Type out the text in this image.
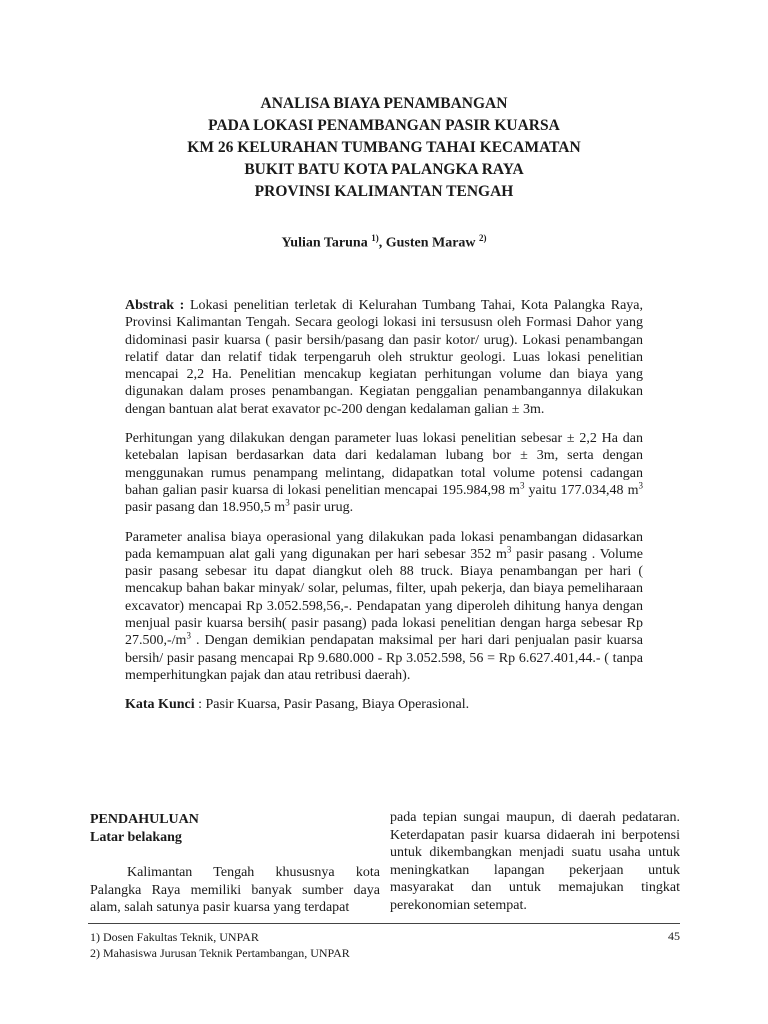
ANALISA BIAYA PENAMBANGAN
PADA LOKASI PENAMBANGAN PASIR KUARSA
KM 26 KELURAHAN TUMBANG TAHAI KECAMATAN
BUKIT BATU KOTA PALANGKA RAYA
PROVINSI KALIMANTAN TENGAH
Yulian Taruna $^{1)}$, Gusten Maraw $^{2)}$

Abstrak : Lokasi penelitian terletak di Kelurahan Tumbang Tahai, Kota Palangka Raya, Provinsi Kalimantan Tengah. Secara geologi lokasi ini tersususn oleh Formasi Dahor yang didominasi pasir kuarsa ( pasir bersih/pasang dan pasir kotor/ urug). Lokasi penambangan relatif datar dan relatif tidak terpengaruh oleh struktur geologi. Luas lokasi penelitian mencapai 2,2 Ha. Penelitian mencakup kegiatan perhitungan volume dan biaya yang digunakan dalam proses penambangan. Kegiatan penggalian penambangannya dilakukan dengan bantuan alat berat exavator pc-200 dengan kedalaman galian ± 3m.

Perhitungan yang dilakukan dengan parameter luas lokasi penelitian sebesar ± 2,2 Ha dan ketebalan lapisan berdasarkan data dari kedalaman lubang bor ± 3m, serta dengan menggunakan rumus penampang melintang, didapatkan total volume potensi cadangan bahan galian pasir kuarsa di lokasi penelitian mencapai 195.984,98 $m^3$ yaitu 177.034,48 $m^3$ pasir pasang dan 18.950,5 $m^3$ pasir urug.

Parameter analisa biaya operasional yang dilakukan pada lokasi penambangan didasarkan pada kemampuan alat gali yang digunakan per hari sebesar 352 $m^3$ pasir pasang . Volume pasir pasang sebesar itu dapat diangkut oleh 88 truck. Biaya penambangan per hari ( mencakup bahan bakar minyak/ solar, pelumas, filter, upah pekerja, dan biaya pemeliharaan excavator) mencapai Rp 3.052.598,56,-. Pendapatan yang diperoleh dihitung hanya dengan menjual pasir kuarsa bersih( pasir pasang) pada lokasi penelitian dengan harga sebesar Rp $27.500,-/m^3$ . Dengan demikian pendapatan maksimal per hari dari penjualan pasir kuarsa bersih/ pasir pasang mencapai Rp 9.680.000 - Rp 3.052.598, 56 = Rp 6.627.401,44.- ( tanpa memperhitungkan pajak dan atau retribusi daerah).

Kata Kunci : Pasir Kuarsa, Pasir Pasang, Biaya Operasional.

PENDAHULUAN
Latar belakang

Kalimantan Tengah khususnya kota Palangka Raya memiliki banyak sumber daya alam, salah satunya pasir kuarsa yang terdapat

pada tepian sungai maupun, di daerah pedataran. Keterdapatan pasir kuarsa didaerah ini berpotensi untuk dikembangkan menjadi suatu usaha untuk meningkatkan lapangan pekerjaan untuk masyarakat dan untuk memajukan tingkat perekonomian setempat.

1) Dosen Fakultas Teknik, UNPAR
2) Mahasiswa Jurusan Teknik Pertambangan, UNPAR
45
